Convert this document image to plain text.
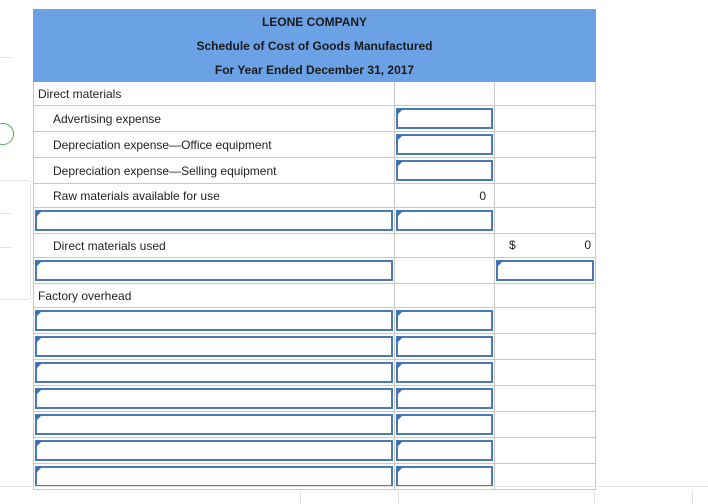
LEONE COMPANY		
Schedule of Cost of Goods Manufactured		
For Year Ended December 31, 2017		
Direct materials		
Advertising expense	

Depreciation expense—Office equipment	

Depreciation expense—Selling equipment	

Raw materials available for use	0	

Direct materials used		$ 0

Factory overhead		
